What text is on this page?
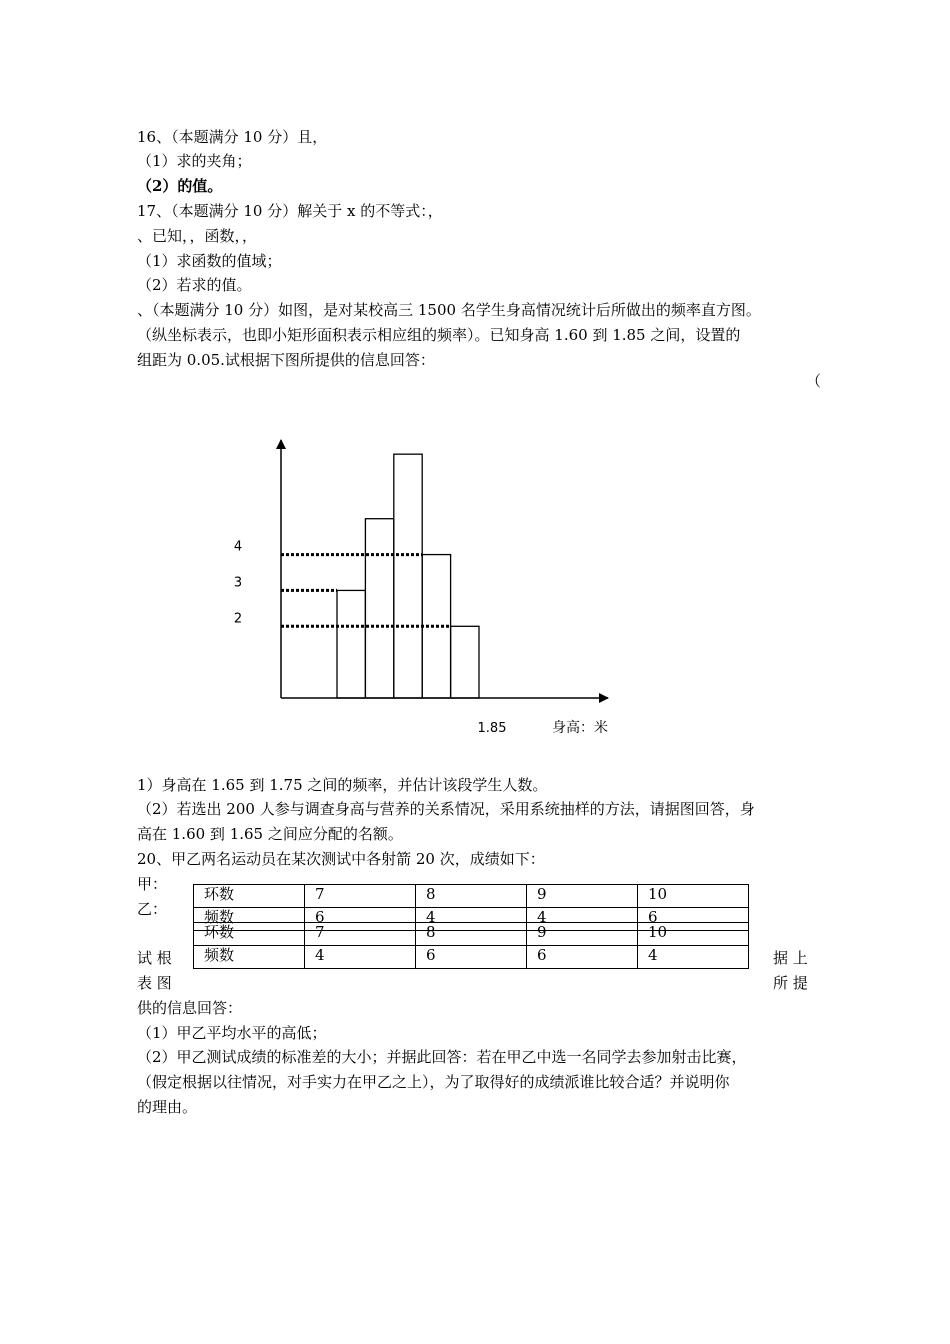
16、（本题满分 10 分）且，
（1）求的夹角；
（2）的值。
17、（本题满分 10 分）解关于 x 的不等式：，
、已知，，函数，，
（1）求函数的值域；
（2）若求的值。
、（本题满分 10 分）如图，是对某校高三 1500 名学生身高情况统计后所做出的频率直方图。
（纵坐标表示，也即小矩形面积表示相应组的频率）。已知身高 1.60 到 1.85 之间，设置的
组距为 0.05.试根据下图所提供的信息回答：
（
4
3
2
1.85	身高：米
1）身高在 1.65 到 1.75 之间的频率，并估计该段学生人数。
（2）若选出 200 人参与调查身高与营养的关系情况，采用系统抽样的方法，请据图回答，身
高在 1.60 到 1.65 之间应分配的名额。
20、甲乙两名运动员在某次测试中各射箭 20 次，成绩如下：
甲：
乙：
环数	7	8	9	10
频数	6	4	4	6
环数	7	8	9	10
频数	4	6	6	4
试 根
表 图
据 上
所 提
供的信息回答：
（1）甲乙平均水平的高低；
（2）甲乙测试成绩的标准差的大小；并据此回答：若在甲乙中选一名同学去参加射击比赛，
（假定根据以往情况，对手实力在甲乙之上），为了取得好的成绩派谁比较合适？并说明你
的理由。
